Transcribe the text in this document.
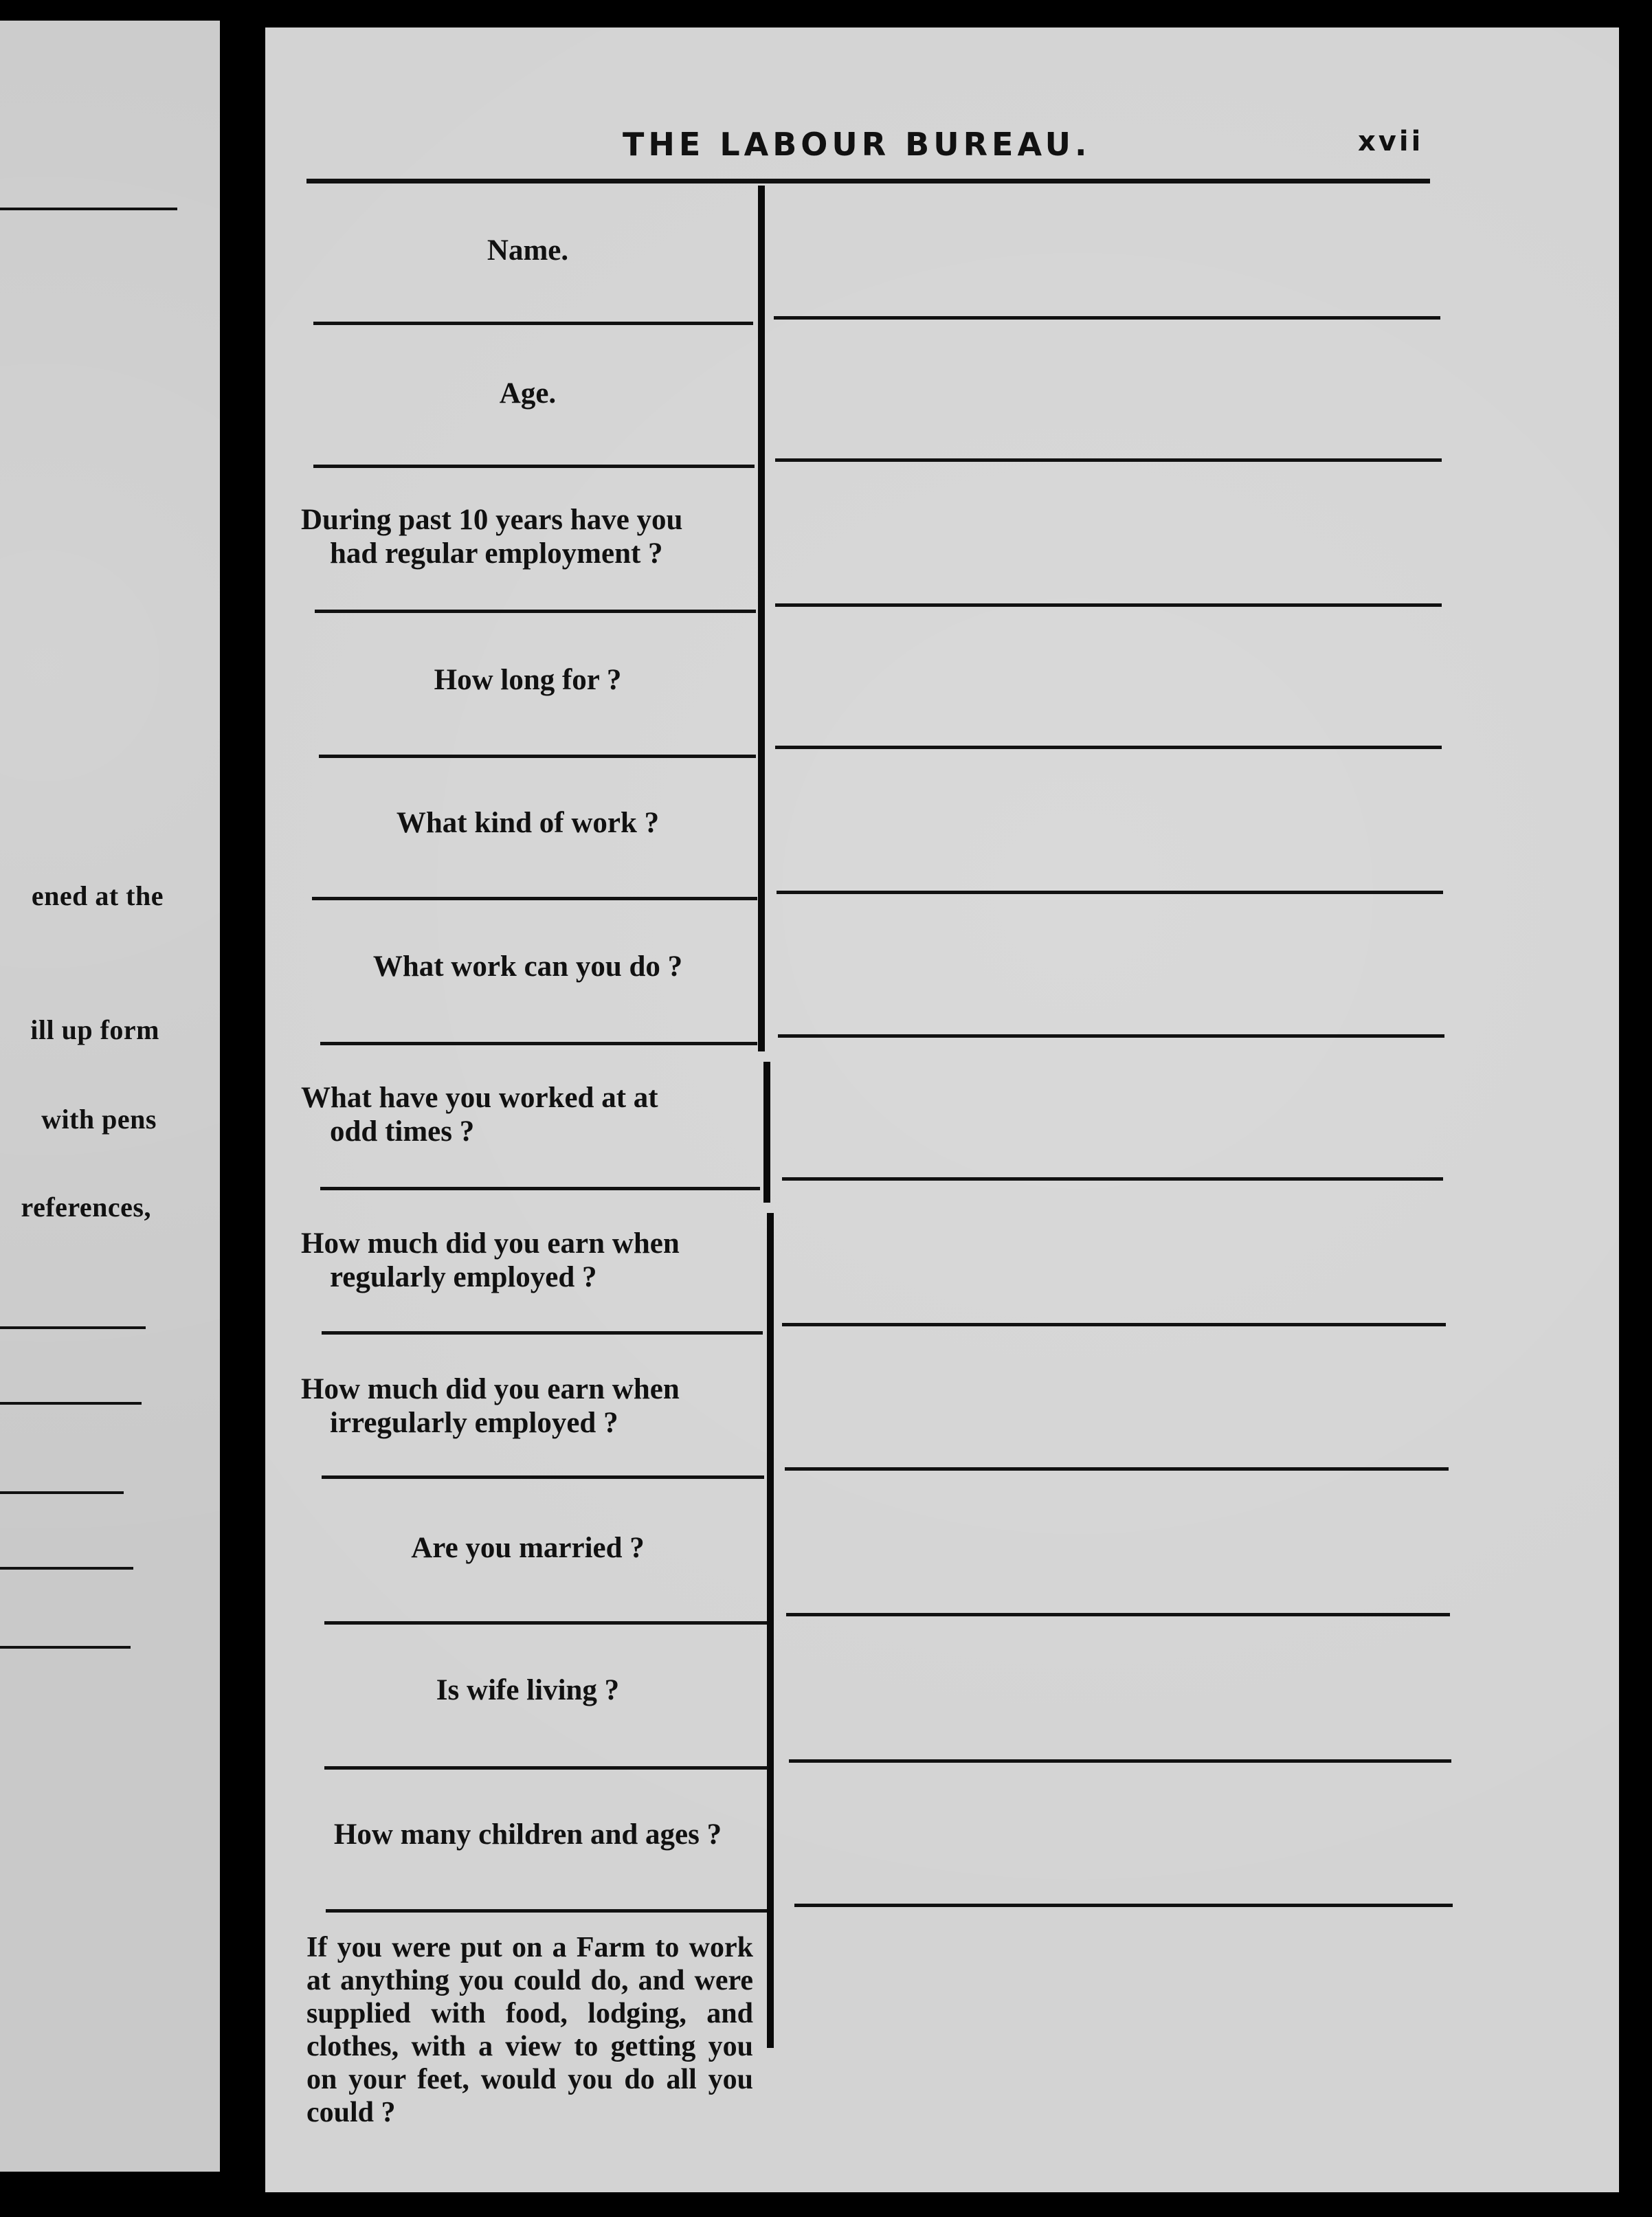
ened at the
ill up form
with pens
references,
THE LABOUR BUREAU.	xvii
Name.
Age.
During past 10 years have you
had regular employment ?
How long for ?
What kind of work ?
What work can you do ?
What have you worked at at
odd times ?
How much did you earn when
regularly employed ?
How much did you earn when
irregularly employed ?
Are you married ?
Is wife living ?
How many children and ages ?
If you were put on a Farm to work at anything you could do, and were supplied with food, lodging, and clothes, with a view to getting you on your feet, would you do all you could ?
